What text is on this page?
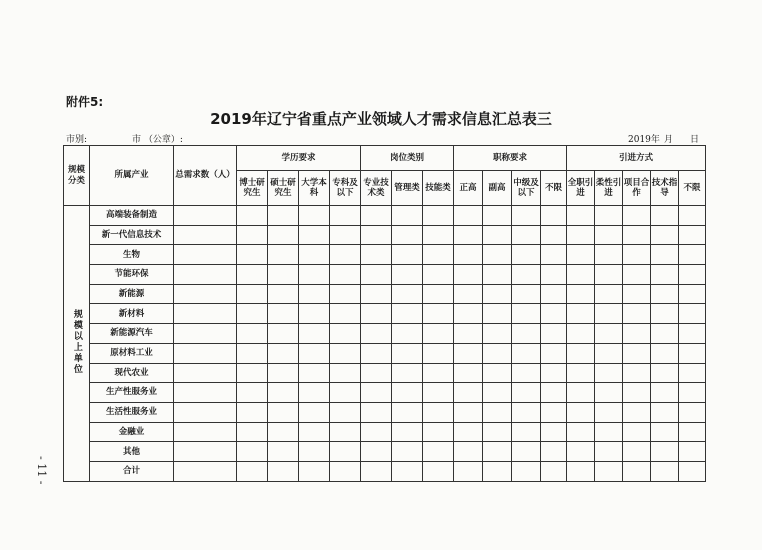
附件5:
2019年辽宁省重点产业领域人才需求信息汇总表三
市别:	市 （公章）:	2019年 月 日
- 11 -
规模分类	所属产业	总需求数（人）	学历要求				岗位类别			职称要求				引进方式				
			博士研究生	硕士研究生	大学本科	专科及以下	专业技术类	管理类	技能类	正高	副高	中级及以下	不限	全职引进	柔性引进	项目合作	技术指导	不限
规模以上单位	高端装备制造																	
	新一代信息技术																	
	生物																	
	节能环保																	
	新能源																	
	新材料																	
	新能源汽车																	
	原材料工业																	
	现代农业																	
	生产性服务业																	
	生活性服务业																	
	金融业																	
	其他																	
	合计																	
